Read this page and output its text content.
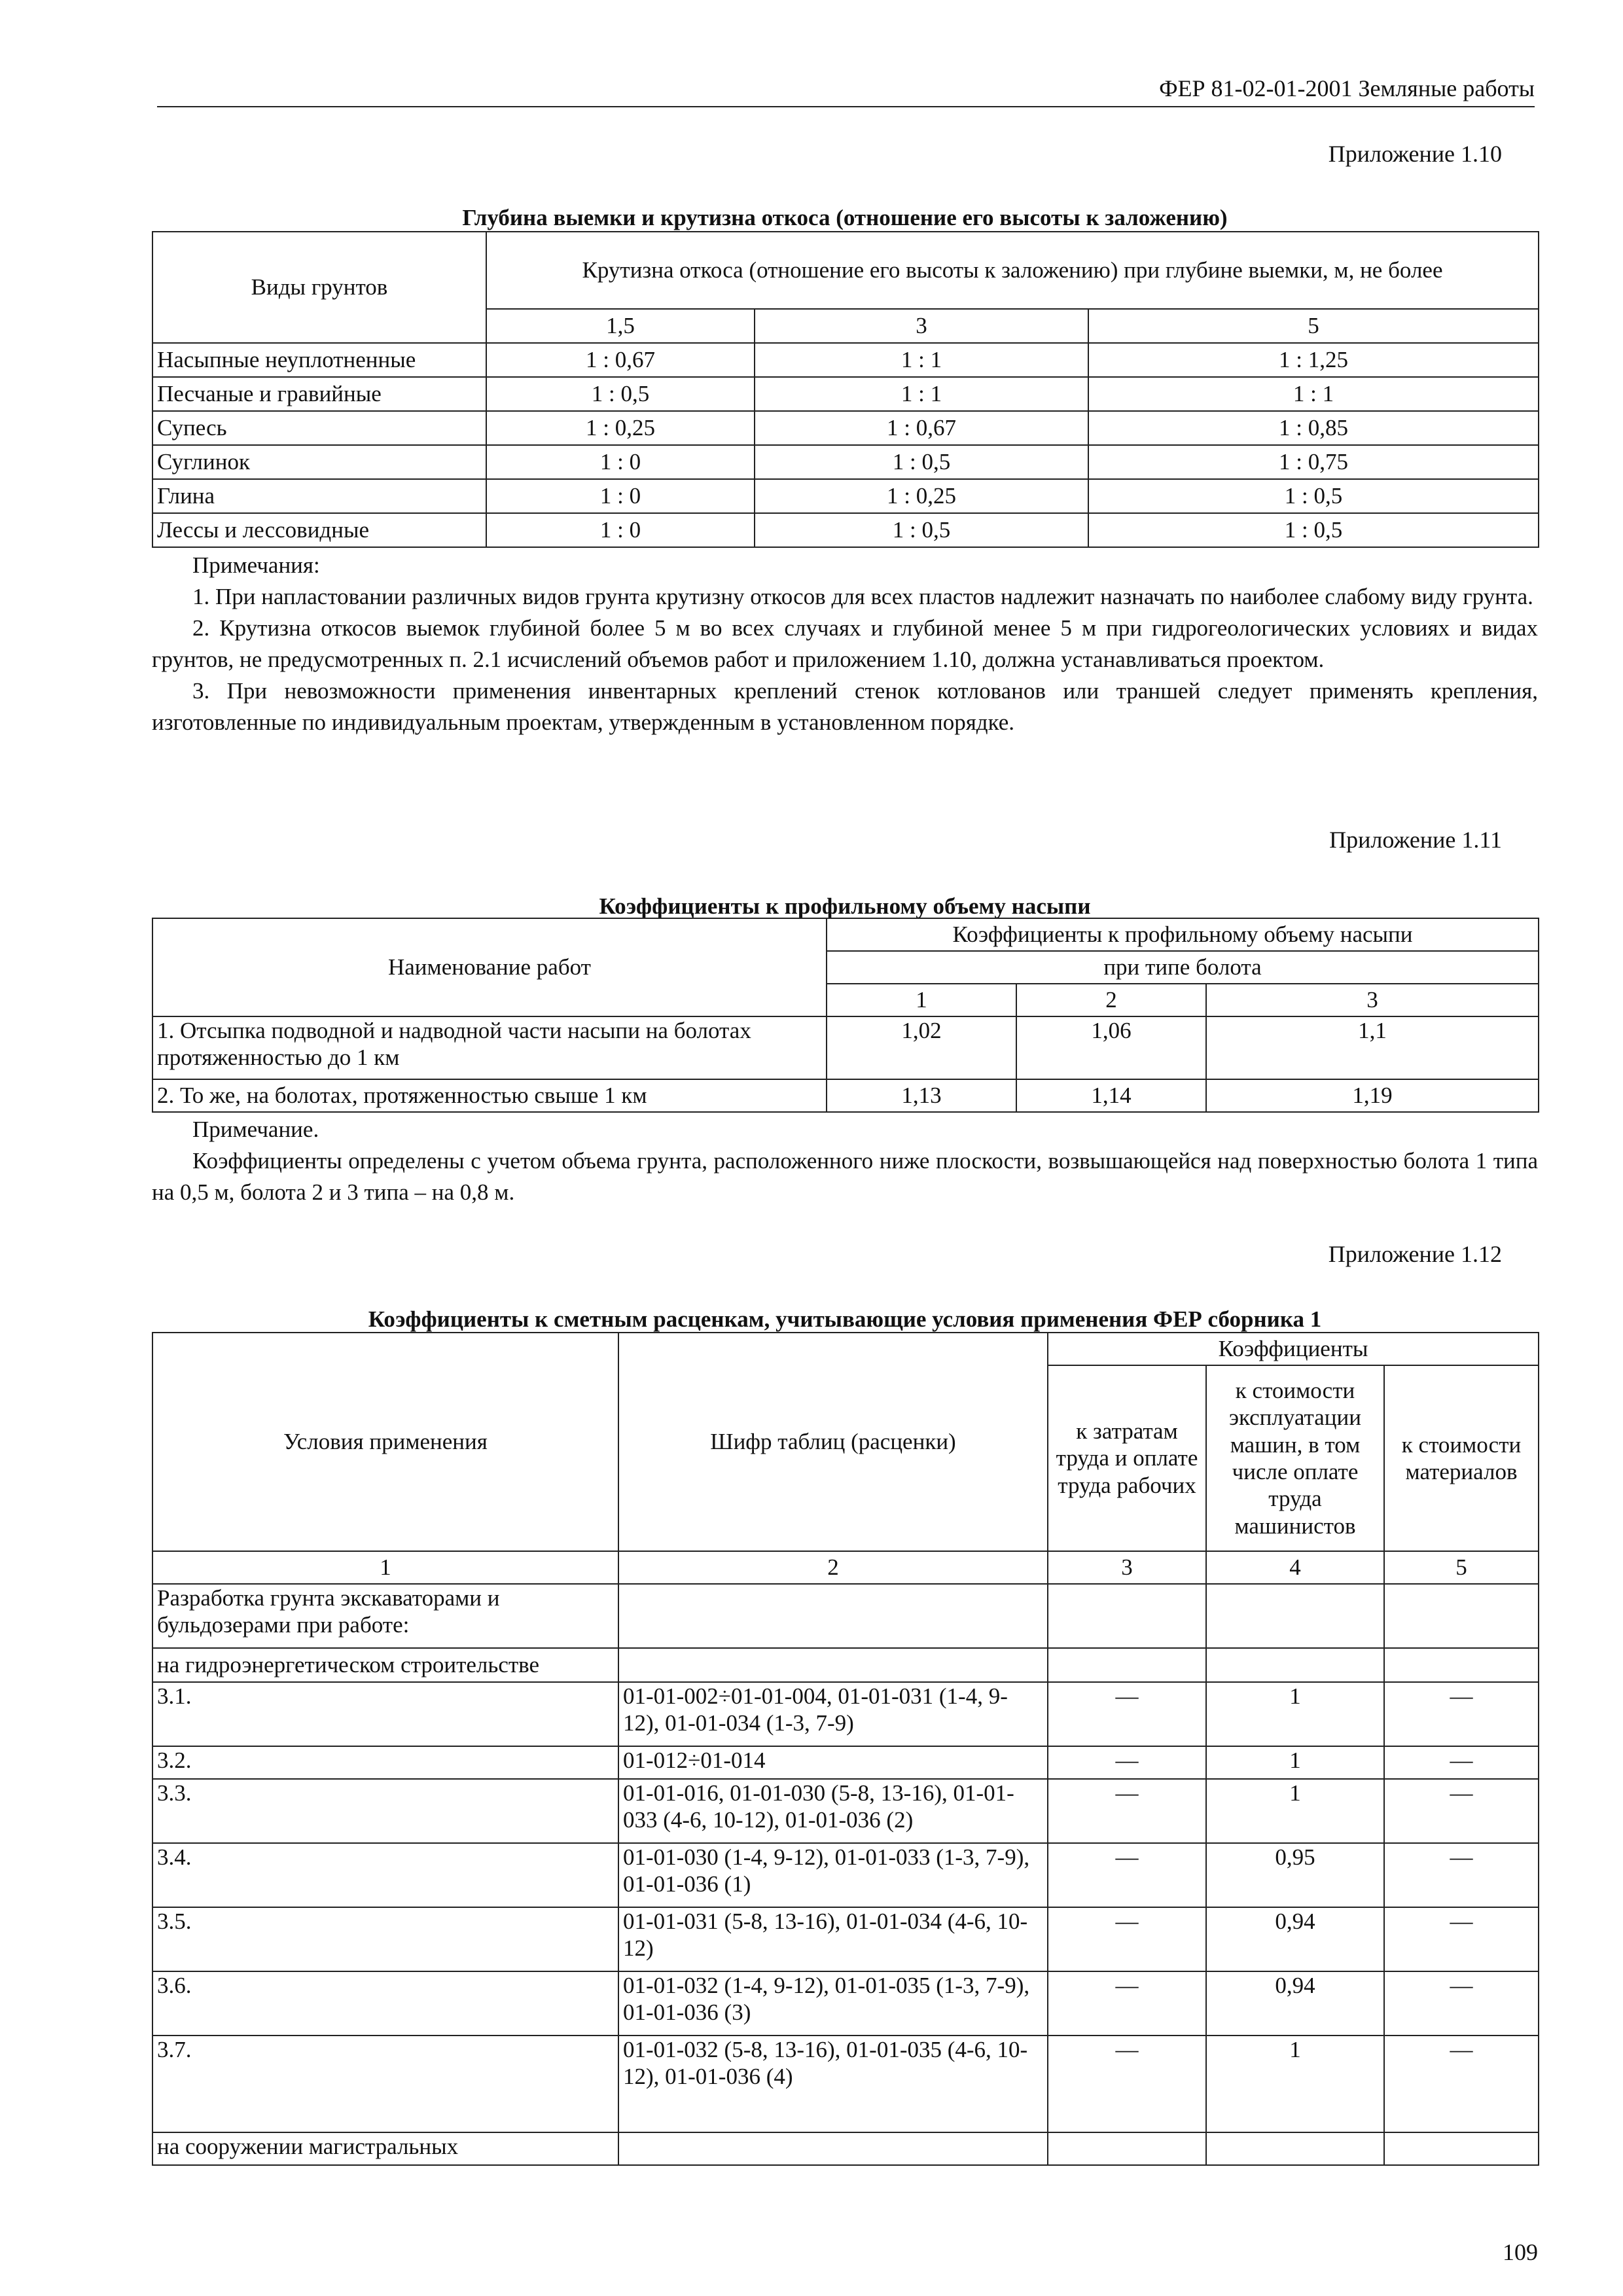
ФЕР 81-02-01-2001 Земляные работы
Приложение 1.10
Глубина выемки и крутизна откоса (отношение его высоты к заложению)
Виды грунтов	Крутизна откоса (отношение его высоты к заложению) при глубине выемки, м, не более		
	1,5	3	5
Насыпные неуплотненные	1 : 0,67	1 : 1	1 : 1,25
Песчаные и гравийные	1 : 0,5	1 : 1	1 : 1
Супесь	1 : 0,25	1 : 0,67	1 : 0,85
Суглинок	1 : 0	1 : 0,5	1 : 0,75
Глина	1 : 0	1 : 0,25	1 : 0,5
Лессы и лессовидные	1 : 0	1 : 0,5	1 : 0,5

Примечания:

1. При напластовании различных видов грунта крутизну откосов для всех пластов надлежит назначать по наиболее слабому виду грунта.

2. Крутизна откосов выемок глубиной более 5 м во всех случаях и глубиной менее 5 м при гидрогеологических условиях и видах грунтов, не предусмотренных п. 2.1 исчислений объемов работ и приложением 1.10, должна устанавливаться проектом.

3. При невозможности применения инвентарных креплений стенок котлованов или траншей следует применять крепления, изготовленные по индивидуальным проектам, утвержденным в установленном порядке.

Приложение 1.11
Коэффициенты к профильному объему насыпи
Наименование работ	Коэффициенты к профильному объему насыпи		
	при типе болота		
	1	2	3
1. Отсыпка подводной и надводной части насыпи на болотах протяженностью до 1 км	1,02	1,06	1,1
2. То же, на болотах, протяженностью свыше 1 км	1,13	1,14	1,19

Примечание.

Коэффициенты определены с учетом объема грунта, расположенного ниже плоскости, возвышающейся над поверхностью болота 1 типа на 0,5 м, болота 2 и 3 типа – на 0,8 м.

Приложение 1.12
Коэффициенты к сметным расценкам, учитывающие условия применения ФЕР сборника 1
Условия применения	Шифр таблиц (расценки)	Коэффициенты		
		к затратам труда и оплате труда рабочих	к стоимости эксплуатации машин, в том числе оплате труда машинистов	к стоимости материалов
1	2	3	4	5
Разработка грунта экскаваторами и бульдозерами при работе:				
на гидроэнергетическом строительстве				
3.1.	01-01-002÷01-01-004, 01-01-031 (1-4, 9-12), 01-01-034 (1-3, 7-9)	—	1	—
3.2.	01-012÷01-014	—	1	—
3.3.	01-01-016, 01-01-030 (5-8, 13-16), 01-01-033 (4-6, 10-12), 01-01-036 (2)	—	1	—
3.4.	01-01-030 (1-4, 9-12), 01-01-033 (1-3, 7-9), 01-01-036 (1)	—	0,95	—
3.5.	01-01-031 (5-8, 13-16), 01-01-034 (4-6, 10-12)	—	0,94	—
3.6.	01-01-032 (1-4, 9-12), 01-01-035 (1-3, 7-9), 01-01-036 (3)	—	0,94	—
3.7.	01-01-032 (5-8, 13-16), 01-01-035 (4-6, 10-12), 01-01-036 (4)	—	1	—
на сооружении магистральных				
109
